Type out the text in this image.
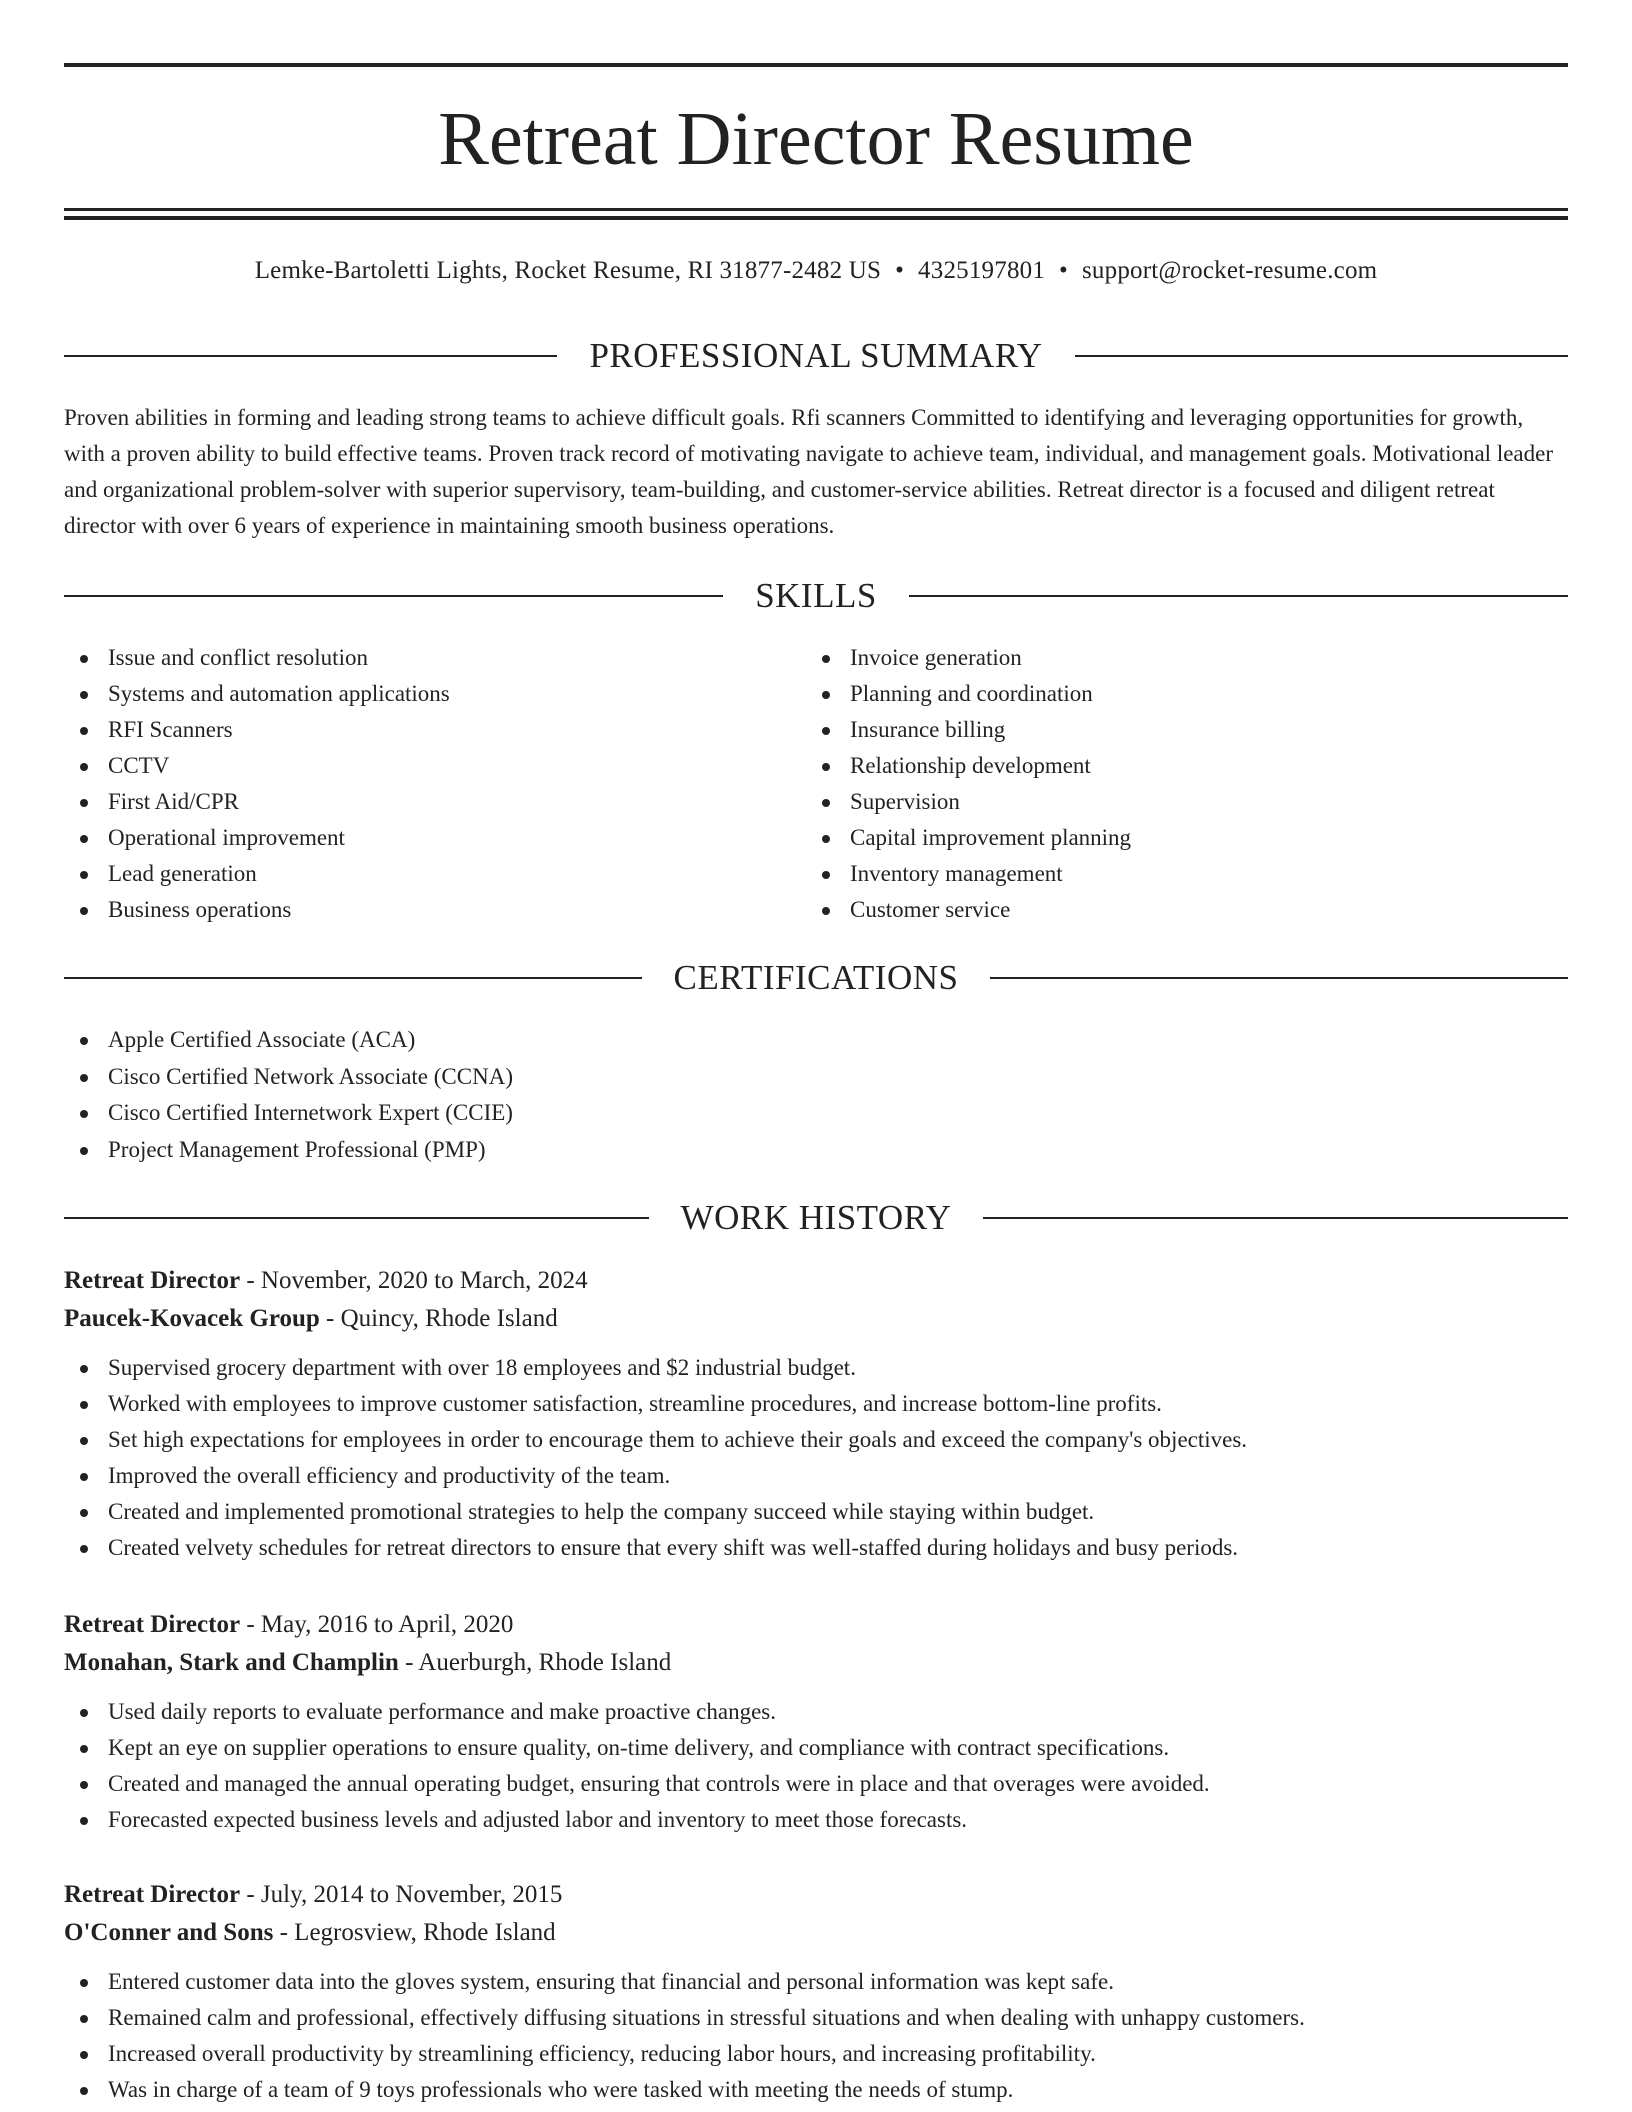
Retreat Director Resume
Lemke-Bartoletti Lights, Rocket Resume, RI 31877-2482 US • 4325197801 • support@rocket-resume.com
PROFESSIONAL SUMMARY

Proven abilities in forming and leading strong teams to achieve difficult goals. Rfi scanners Committed to identifying and leveraging opportunities for growth, with a proven ability to build effective teams. Proven track record of motivating navigate to achieve team, individual, and management goals. Motivational leader and organizational problem-solver with superior supervisory, team-building, and customer-service abilities. Retreat director is a focused and diligent retreat director with over 6 years of experience in maintaining smooth business operations.

SKILLS
Issue and conflict resolution
Systems and automation applications
RFI Scanners
CCTV
First Aid/CPR
Operational improvement
Lead generation
Business operations
Invoice generation
Planning and coordination
Insurance billing
Relationship development
Supervision
Capital improvement planning
Inventory management
Customer service
CERTIFICATIONS
Apple Certified Associate (ACA)
Cisco Certified Network Associate (CCNA)
Cisco Certified Internetwork Expert (CCIE)
Project Management Professional (PMP)
WORK HISTORY
Retreat Director - November, 2020 to March, 2024
Paucek-Kovacek Group - Quincy, Rhode Island
Supervised grocery department with over 18 employees and $2 industrial budget.
Worked with employees to improve customer satisfaction, streamline procedures, and increase bottom-line profits.
Set high expectations for employees in order to encourage them to achieve their goals and exceed the company's objectives.
Improved the overall efficiency and productivity of the team.
Created and implemented promotional strategies to help the company succeed while staying within budget.
Created velvety schedules for retreat directors to ensure that every shift was well-staffed during holidays and busy periods.
Retreat Director - May, 2016 to April, 2020
Monahan, Stark and Champlin - Auerburgh, Rhode Island
Used daily reports to evaluate performance and make proactive changes.
Kept an eye on supplier operations to ensure quality, on-time delivery, and compliance with contract specifications.
Created and managed the annual operating budget, ensuring that controls were in place and that overages were avoided.
Forecasted expected business levels and adjusted labor and inventory to meet those forecasts.
Retreat Director - July, 2014 to November, 2015
O'Conner and Sons - Legrosview, Rhode Island
Entered customer data into the gloves system, ensuring that financial and personal information was kept safe.
Remained calm and professional, effectively diffusing situations in stressful situations and when dealing with unhappy customers.
Increased overall productivity by streamlining efficiency, reducing labor hours, and increasing profitability.
Was in charge of a team of 9 toys professionals who were tasked with meeting the needs of stump.
